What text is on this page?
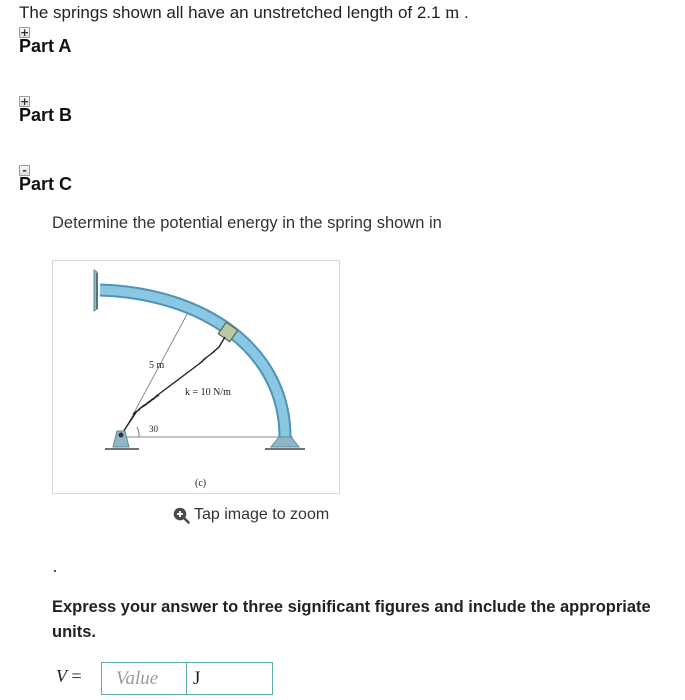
The springs shown all have an unstretched length of 2.1 m .
+
Part A
+
Part B
-
Part C
Determine the potential energy in the spring shown in
5 m
k = 10 N/m
30
(c)
Tap image to zoom
Express your answer to three significant figures and include the appropriate units.
V =
Value
J
